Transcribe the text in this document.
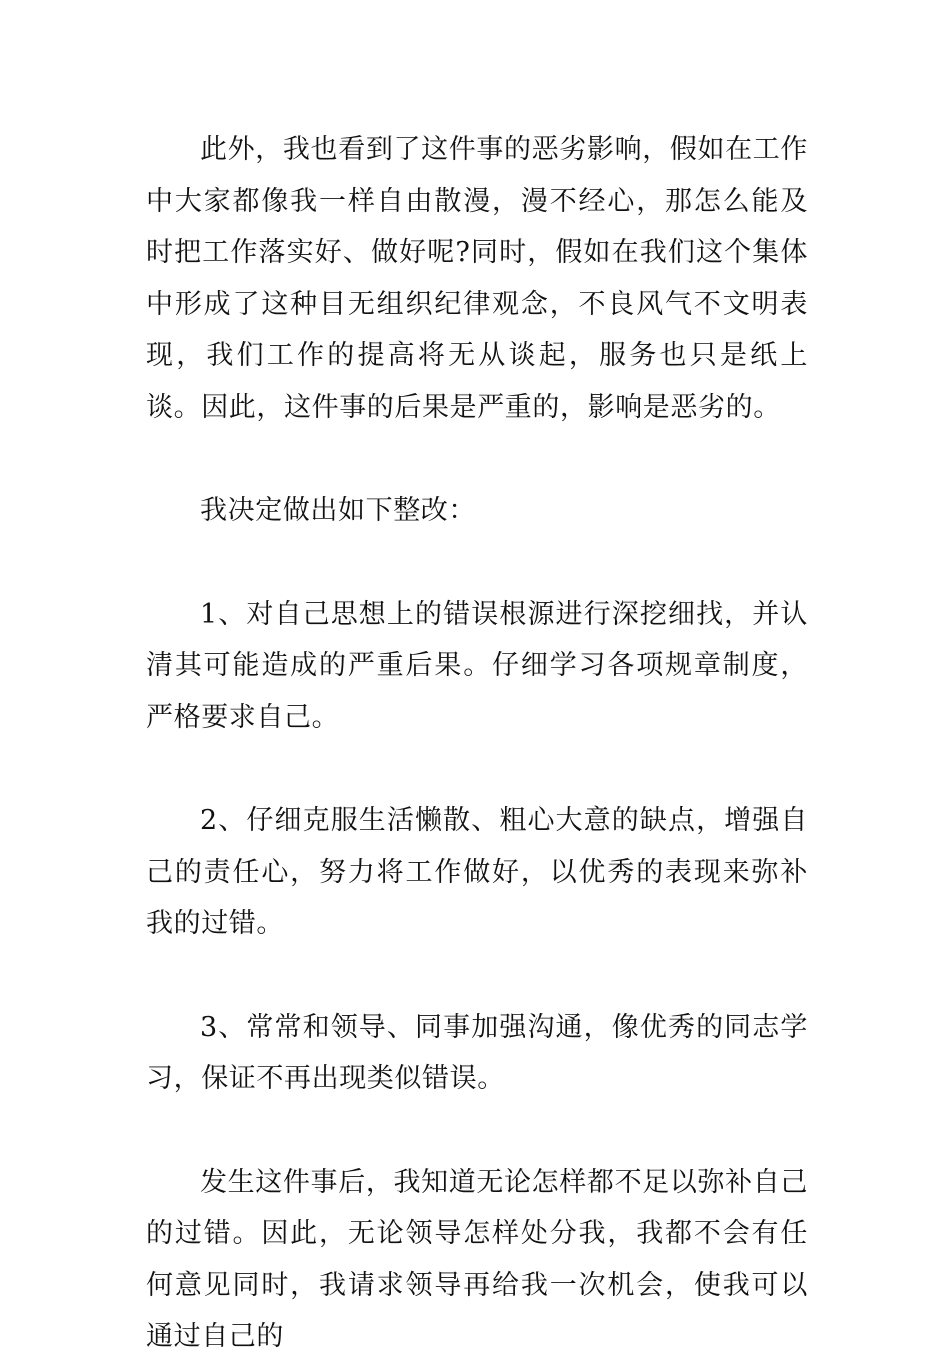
此外，我也看到了这件事的恶劣影响，假如在工作中大家都像我一样自由散漫，漫不经心，那怎么能及时把工作落实好、做好呢?同时，假如在我们这个集体中形成了这种目无组织纪律观念，不良风气不文明表现，我们工作的提高将无从谈起，服务也只是纸上谈。因此，这件事的后果是严重的，影响是恶劣的。

我决定做出如下整改：

1、对自己思想上的错误根源进行深挖细找，并认清其可能造成的严重后果。仔细学习各项规章制度，严格要求自己。

2、仔细克服生活懒散、粗心大意的缺点，增强自己的责任心，努力将工作做好，以优秀的表现来弥补我的过错。

3、常常和领导、同事加强沟通，像优秀的同志学习，保证不再出现类似错误。

发生这件事后，我知道无论怎样都不足以弥补自己的过错。因此，无论领导怎样处分我，我都不会有任何意见同时，我请求领导再给我一次机会，使我可以通过自己的
